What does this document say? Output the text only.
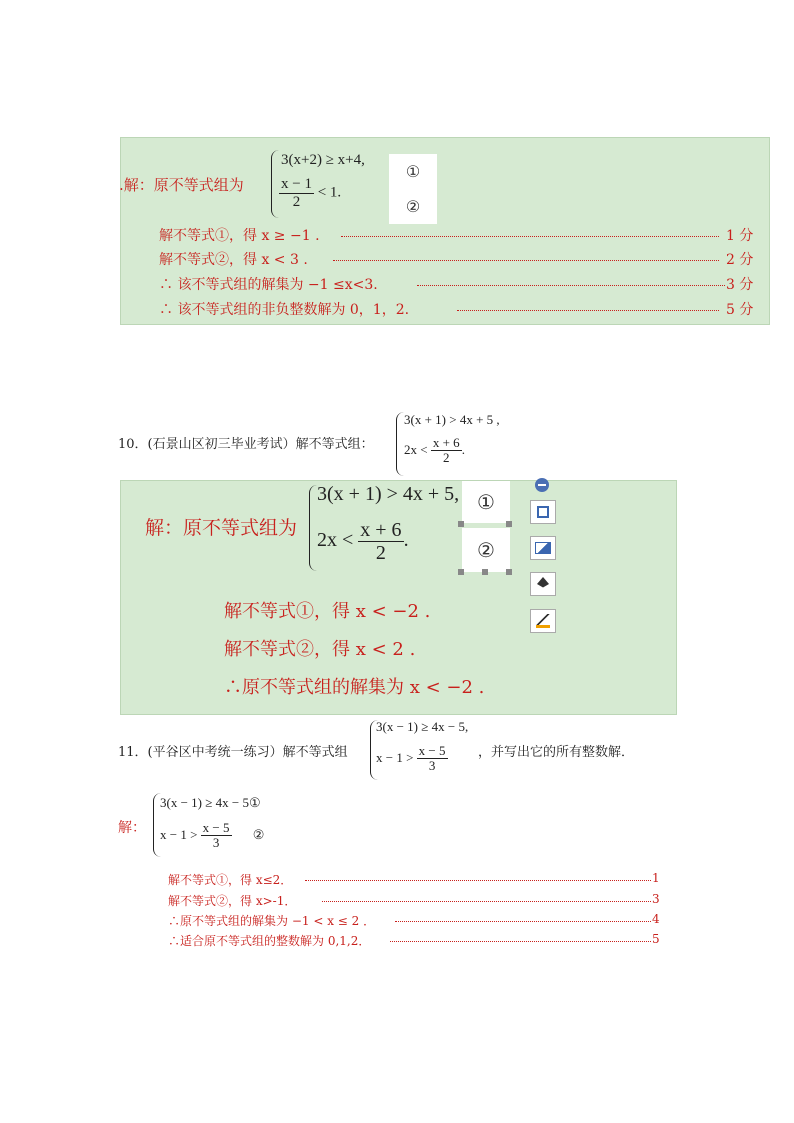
.解：原不等式组为
3(x+2) ≥ x+4,
$\frac{x - 1}{2} < 1$.
①
②
解不等式①，得 x ≥ −1 .	1 分
解不等式②，得 x < 3 .	2 分
∴ 该不等式组的解集为 −1 ≤x<3.	3 分
∴ 该不等式组的非负整数解为 0，1，2.	5 分
10．(石景山区初三毕业考试）解不等式组：
3(x + 1) > 4x + 5 ,
$2x < \frac{x + 6}{2}$ .
解：原不等式组为
3(x + 1) > 4x + 5,
$2x < \frac{x + 6}{2}$ .
解不等式①，得 x < −2 .
解不等式②，得 x < 2 .
∴原不等式组的解集为 x < −2 .
①
②
11．(平谷区中考统一练习）解不等式组
3(x − 1) ≥ 4x − 5,
$x - 1 > \frac{x - 5}{3}$ ，并写出它的所有整数解．
解：
3(x − 1) ≥ 4x − 5①
$x - 1 > \frac{x - 5}{3}$ ②
解不等式①，得 x≤2．	1
解不等式②，得 x>-1．	3
∴原不等式组的解集为 −1 < x ≤ 2 ．	4
∴适合原不等式组的整数解为 0,1,2．	5
